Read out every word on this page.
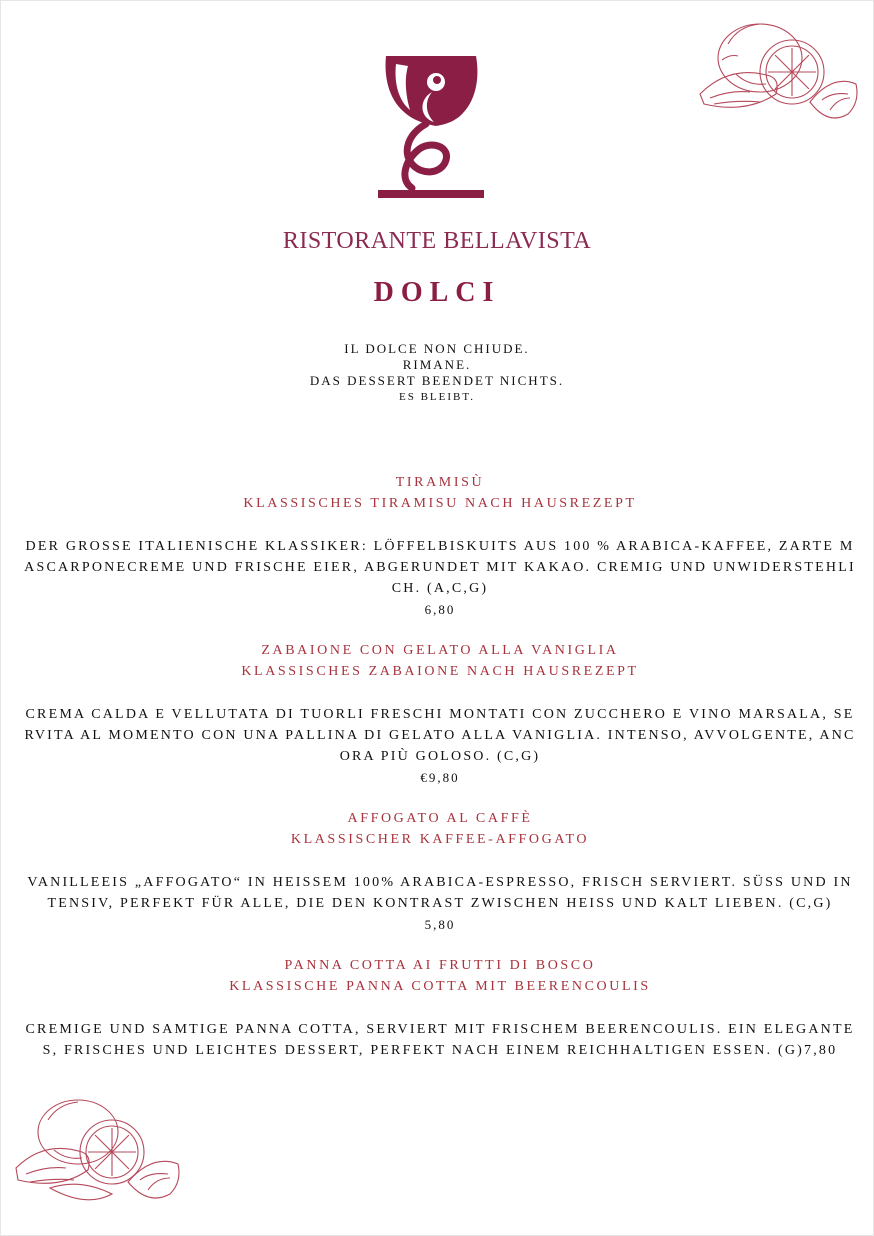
RISTORANTE BELLAVISTA
DOLCI
IL DOLCE NON CHIUDE.
RIMANE.
DAS DESSERT BEENDET NICHTS.
ES BLEIBT.
TIRAMISÙ
KLASSISCHES TIRAMISU NACH HAUSREZEPT
DER GROSSE ITALIENISCHE KLASSIKER: LÖFFELBISKUITS AUS 100 % ARABICA-KAFFEE, ZARTE MASCARPONECREME UND FRISCHE EIER, ABGERUNDET MIT KAKAO. CREMIG UND UNWIDERSTEHLICH. (A,C,G)
6,80
ZABAIONE CON GELATO ALLA VANIGLIA
KLASSISCHES ZABAIONE NACH HAUSREZEPT
CREMA CALDA E VELLUTATA DI TUORLI FRESCHI MONTATI CON ZUCCHERO E VINO MARSALA, SERVITA AL MOMENTO CON UNA PALLINA DI GELATO ALLA VANIGLIA. INTENSO, AVVOLGENTE, ANCORA PIÙ GOLOSO. (C,G)
€9,80
AFFOGATO AL CAFFÈ
KLASSISCHER KAFFEE-AFFOGATO
VANILLEEIS „AFFOGATO“ IN HEISSEM 100% ARABICA-ESPRESSO, FRISCH SERVIERT. SÜSS UND INTENSIV, PERFEKT FÜR ALLE, DIE DEN KONTRAST ZWISCHEN HEISS UND KALT LIEBEN. (C,G)
5,80
PANNA COTTA AI FRUTTI DI BOSCO
KLASSISCHE PANNA COTTA MIT BEERENCOULIS
CREMIGE UND SAMTIGE PANNA COTTA, SERVIERT MIT FRISCHEM BEERENCOULIS. EIN ELEGANTES, FRISCHES UND LEICHTES DESSERT, PERFEKT NACH EINEM REICHHALTIGEN ESSEN. (G)7,80
